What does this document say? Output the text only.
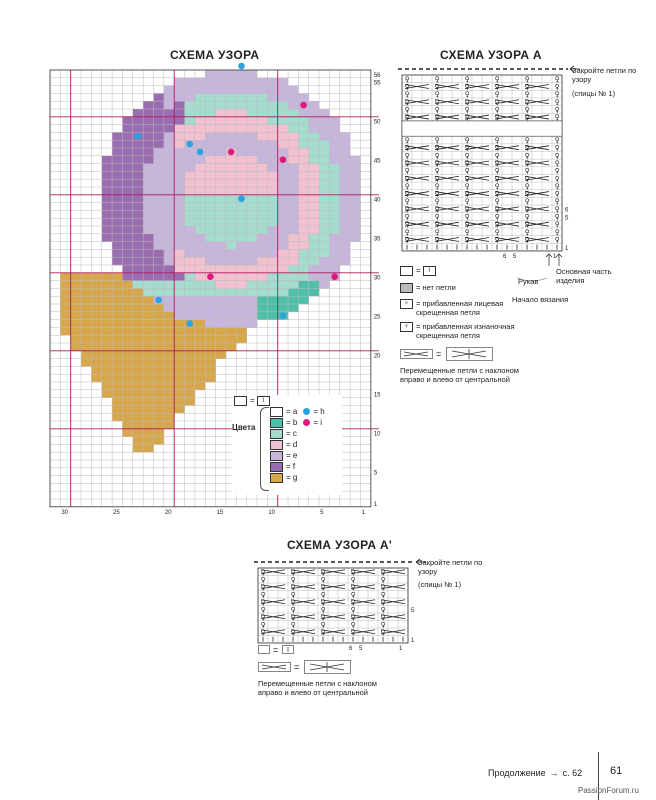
СХЕМА УЗОРА
1
5
10
15
20
25
30
35
40
45
50
55
56
30	25	20	15	10	5	1
=	I
Цвета
= a = h
= b = i
= c
= d
= e
= f
= g
СХЕМА УЗОРА А
Закройте петли по узору
(спицы № 1)
♀	♀	♀	♀	♀	♀
♀	♀	♀	♀	♀	♀
♀	♀	♀	♀	♀	♀
♀	♀	♀	♀	♀	♀
♀	♀	♀	♀	♀	♀
♀	♀	♀	♀	♀	♀
♀	♀	♀	♀	♀	♀
♀	♀	♀	♀	♀	♀
♀	♀	♀	♀	♀	♀
♀	♀	♀	♀	♀	♀
♀	♀	♀	♀	♀	♀
♀	♀	♀	♀	♀	♀
♀	♀	♀	♀	♀	♀
♀	♀	♀	♀	♀	♀
♀	♀	♀	♀	♀	♀
♀	♀	♀	♀	♀	♀
♀	♀	♀	♀	♀	♀
♀	♀	♀	♀	♀	♀
♀	♀	♀	♀	♀	♀
♀	♀	♀	♀	♀	♀
1
5
6
6 5	1
Рукав
Основная часть изделия
Начало вязания
=	I
= нет петли
♀ = прибавленная лицевая скрещенная петля
♀ = прибавленная изнаночная скрещенная петля
=
Перемещенные петли с наклоном вправо и влево от центральной
СХЕМА УЗОРА А'
Закройте петли по узору
(спицы № 1)
♀	♀	♀	♀	♀
♀	♀	♀	♀	♀
♀	♀	♀	♀	♀
♀	♀	♀	♀	♀
♀	♀	♀	♀	♀
♀	♀	♀	♀	♀
♀	♀	♀	♀	♀
♀	♀	♀	♀	♀
♀	♀	♀	♀	♀
1
5
6 5	1
=
=
Перемещенные петли с наклоном вправо и влево от центральной
Продолжение → с. 62	61
PassionForum.ru
